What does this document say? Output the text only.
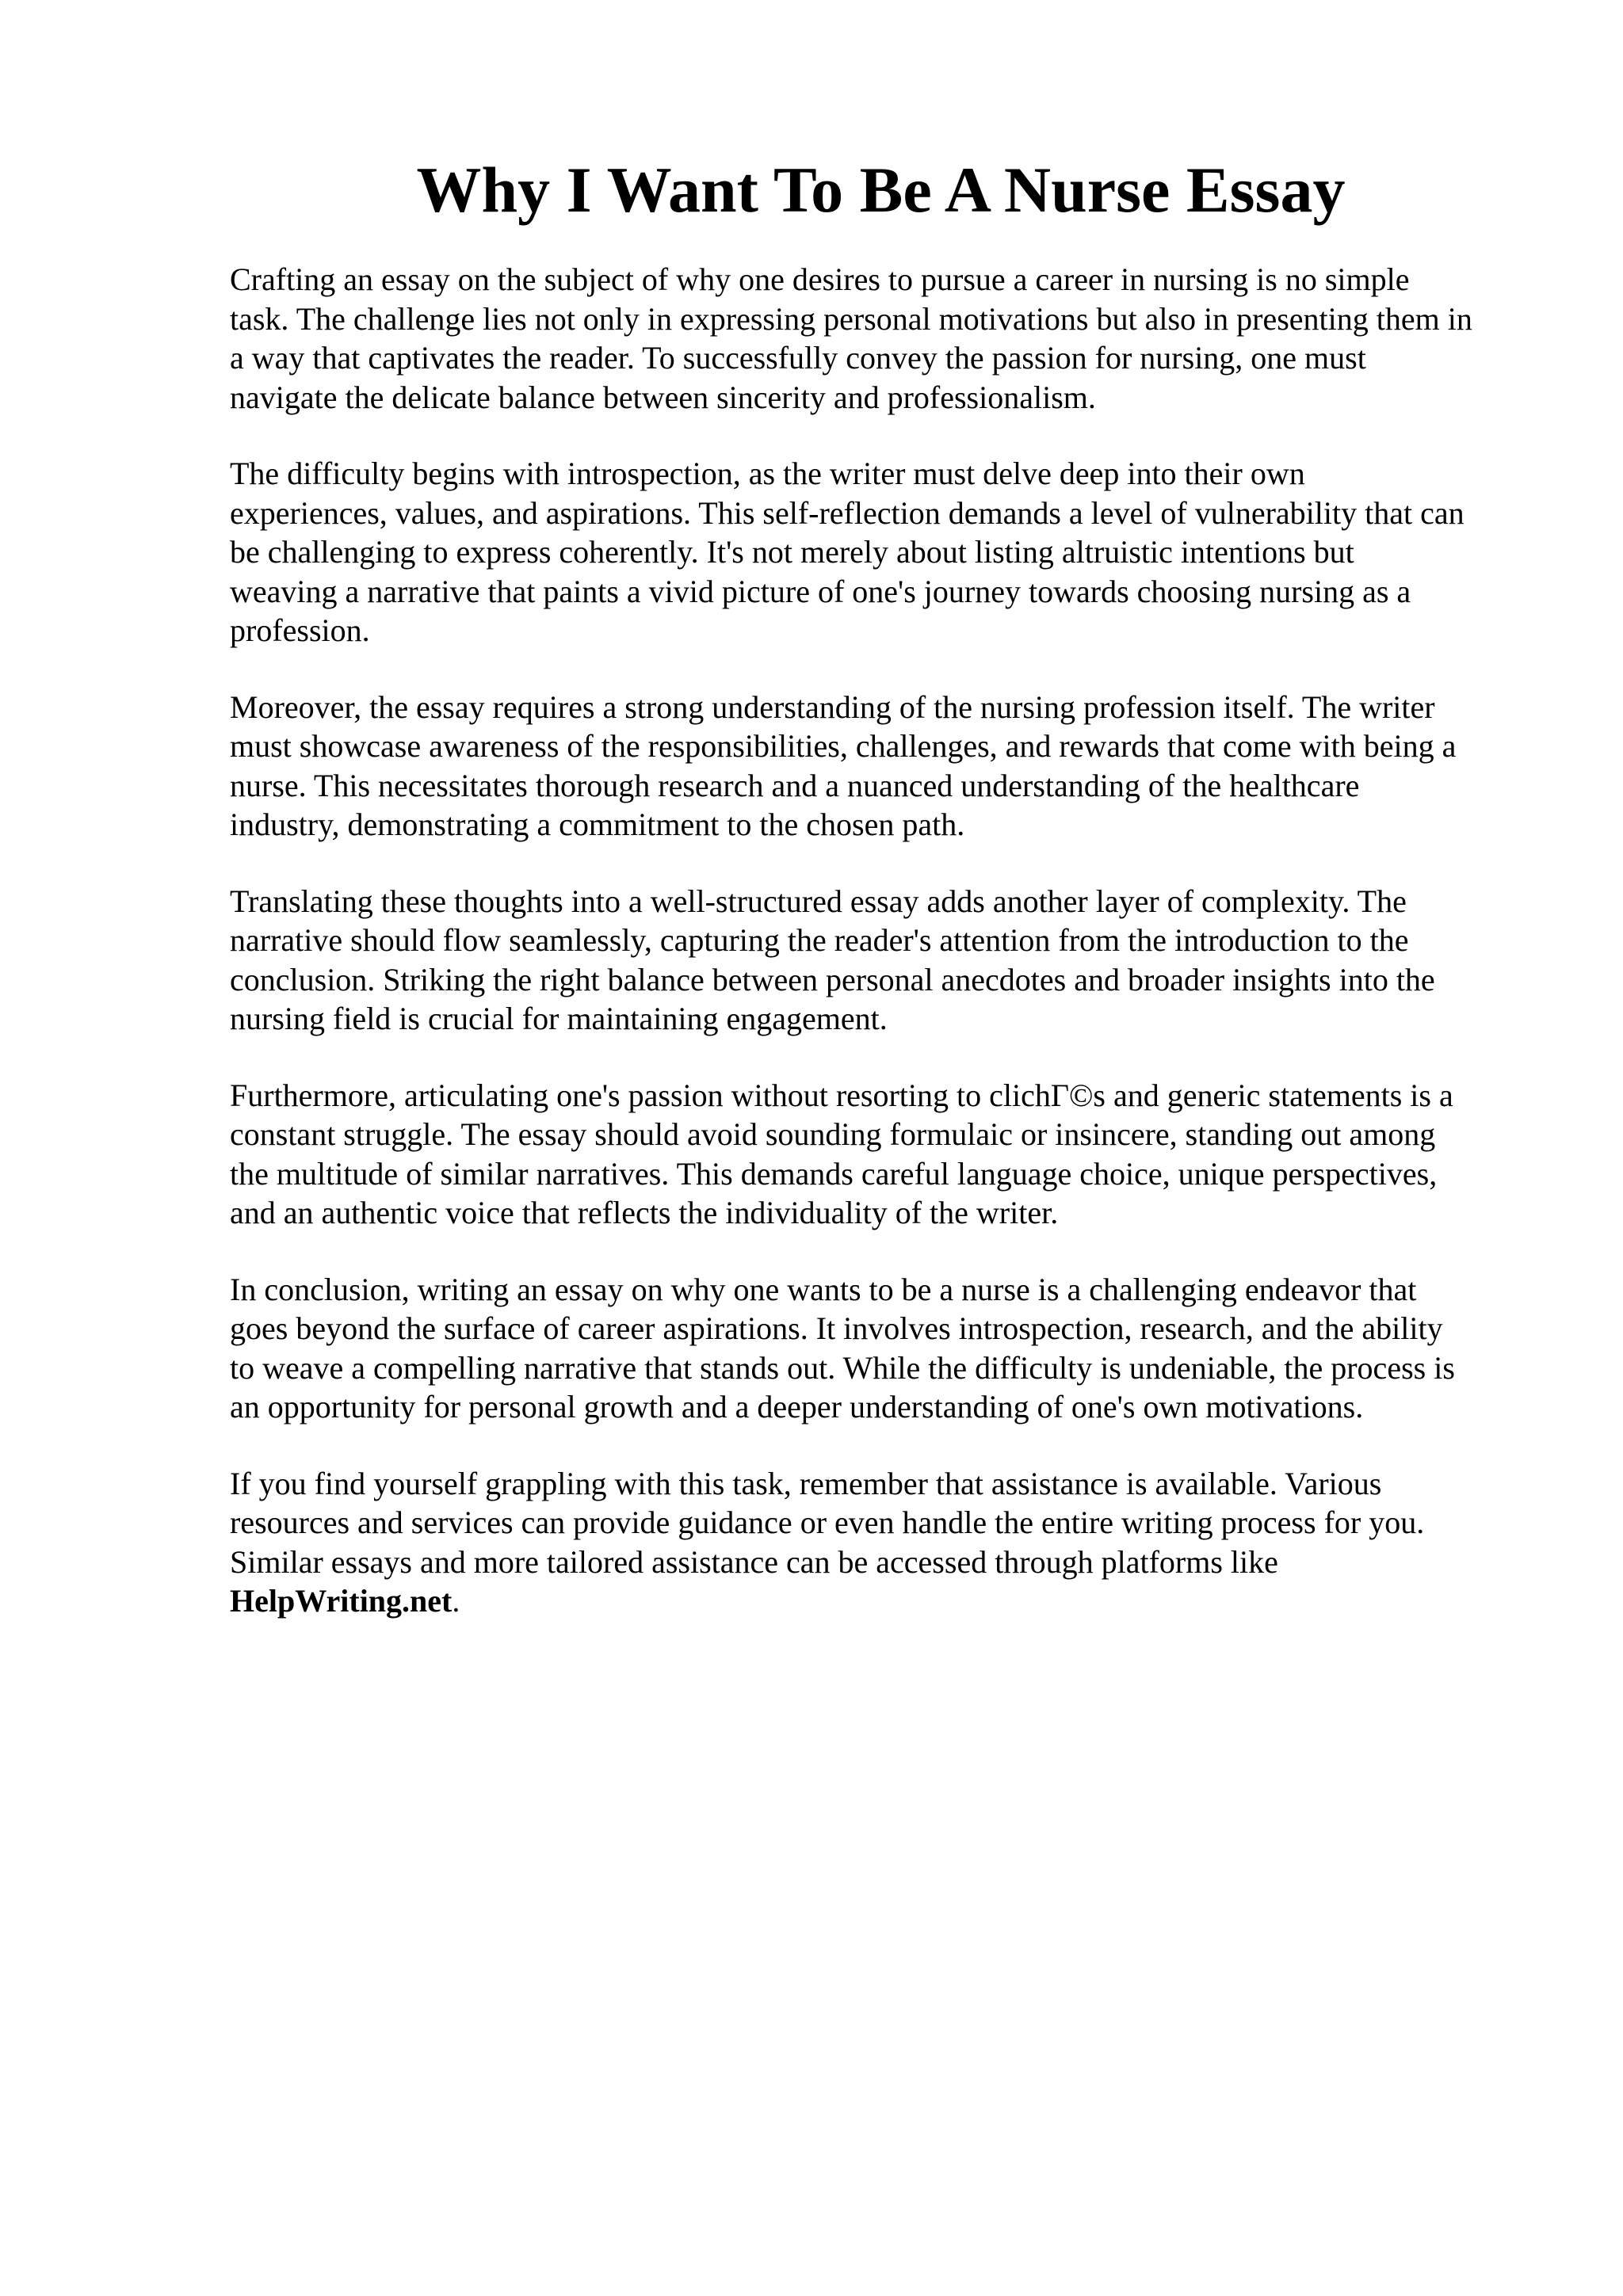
Why I Want To Be A Nurse Essay

Crafting an essay on the subject of why one desires to pursue a career in nursing is no simple
task. The challenge lies not only in expressing personal motivations but also in presenting them in
a way that captivates the reader. To successfully convey the passion for nursing, one must
navigate the delicate balance between sincerity and professionalism.

The difficulty begins with introspection, as the writer must delve deep into their own
experiences, values, and aspirations. This self-reflection demands a level of vulnerability that can
be challenging to express coherently. It's not merely about listing altruistic intentions but
weaving a narrative that paints a vivid picture of one's journey towards choosing nursing as a
profession.

Moreover, the essay requires a strong understanding of the nursing profession itself. The writer
must showcase awareness of the responsibilities, challenges, and rewards that come with being a
nurse. This necessitates thorough research and a nuanced understanding of the healthcare
industry, demonstrating a commitment to the chosen path.

Translating these thoughts into a well-structured essay adds another layer of complexity. The
narrative should flow seamlessly, capturing the reader's attention from the introduction to the
conclusion. Striking the right balance between personal anecdotes and broader insights into the
nursing field is crucial for maintaining engagement.

Furthermore, articulating one's passion without resorting to clichΓ©s and generic statements is a
constant struggle. The essay should avoid sounding formulaic or insincere, standing out among
the multitude of similar narratives. This demands careful language choice, unique perspectives,
and an authentic voice that reflects the individuality of the writer.

In conclusion, writing an essay on why one wants to be a nurse is a challenging endeavor that
goes beyond the surface of career aspirations. It involves introspection, research, and the ability
to weave a compelling narrative that stands out. While the difficulty is undeniable, the process is
an opportunity for personal growth and a deeper understanding of one's own motivations.

If you find yourself grappling with this task, remember that assistance is available. Various
resources and services can provide guidance or even handle the entire writing process for you.
Similar essays and more tailored assistance can be accessed through platforms like
HelpWriting.net.
